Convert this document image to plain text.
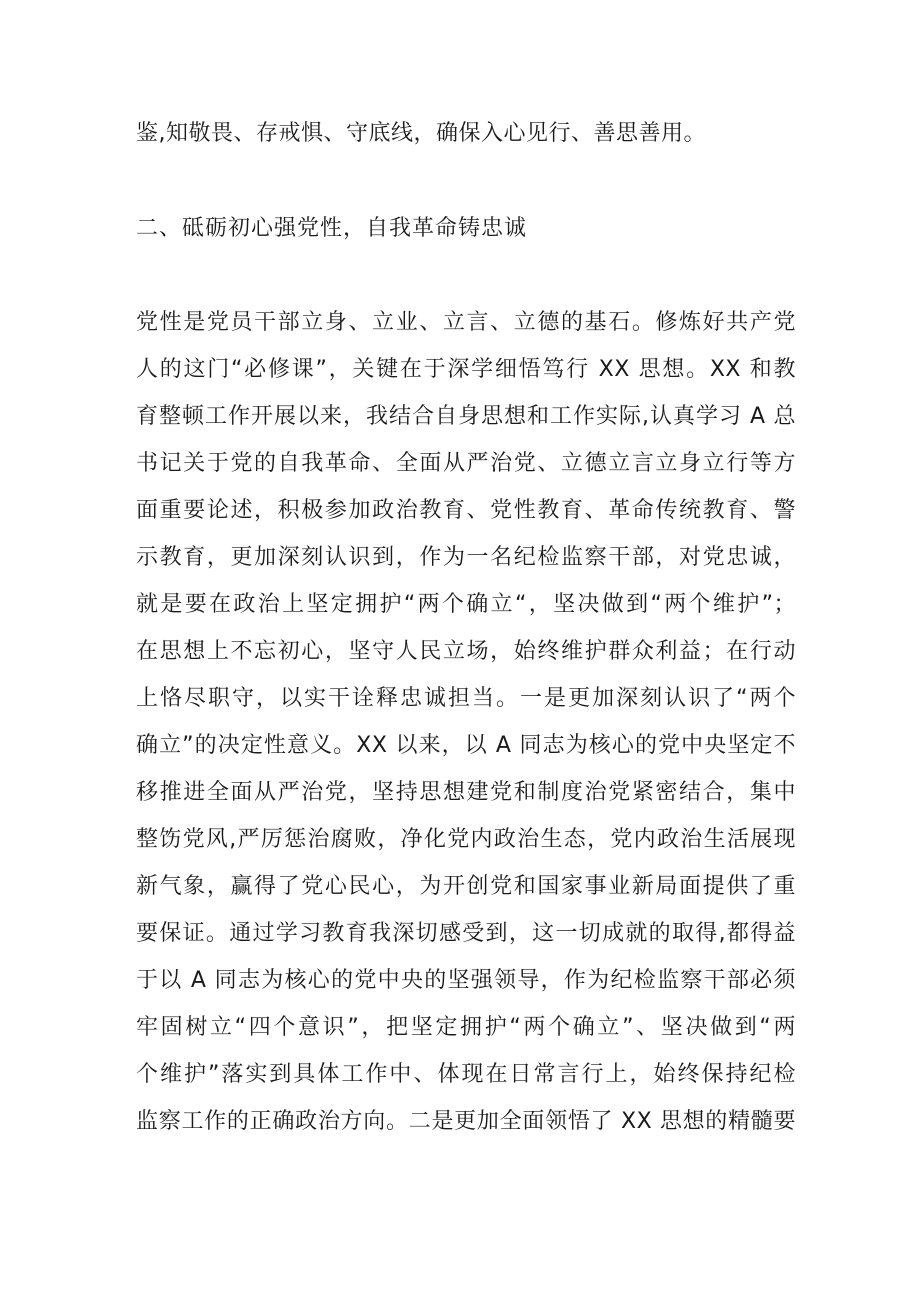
鉴,知敬畏、存戒惧、守底线，确保入心见行、善思善用。
二、砥砺初心强党性，自我革命铸忠诚
党性是党员干部立身、立业、立言、立德的基石。修炼好共产党
人的这门“必修课”，关键在于深学细悟笃行 XX 思想。XX 和教
育整顿工作开展以来，我结合自身思想和工作实际,认真学习 A 总
书记关于党的自我革命、全面从严治党、立德立言立身立行等方
面重要论述，积极参加政治教育、党性教育、革命传统教育、警
示教育，更加深刻认识到，作为一名纪检监察干部，对党忠诚，
就是要在政治上坚定拥护“两个确立“，坚决做到“两个维护”；
在思想上不忘初心，坚守人民立场，始终维护群众利益；在行动
上恪尽职守，以实干诠释忠诚担当。一是更加深刻认识了“两个
确立”的决定性意义。XX 以来，以 A 同志为核心的党中央坚定不
移推进全面从严治党，坚持思想建党和制度治党紧密结合，集中
整饬党风,严厉惩治腐败，净化党内政治生态，党内政治生活展现
新气象，赢得了党心民心，为开创党和国家事业新局面提供了重
要保证。通过学习教育我深切感受到，这一切成就的取得,都得益
于以 A 同志为核心的党中央的坚强领导，作为纪检监察干部必须
牢固树立“四个意识”，把坚定拥护“两个确立”、坚决做到“两
个维护”落实到具体工作中、体现在日常言行上，始终保持纪检
监察工作的正确政治方向。二是更加全面领悟了 XX 思想的精髓要
